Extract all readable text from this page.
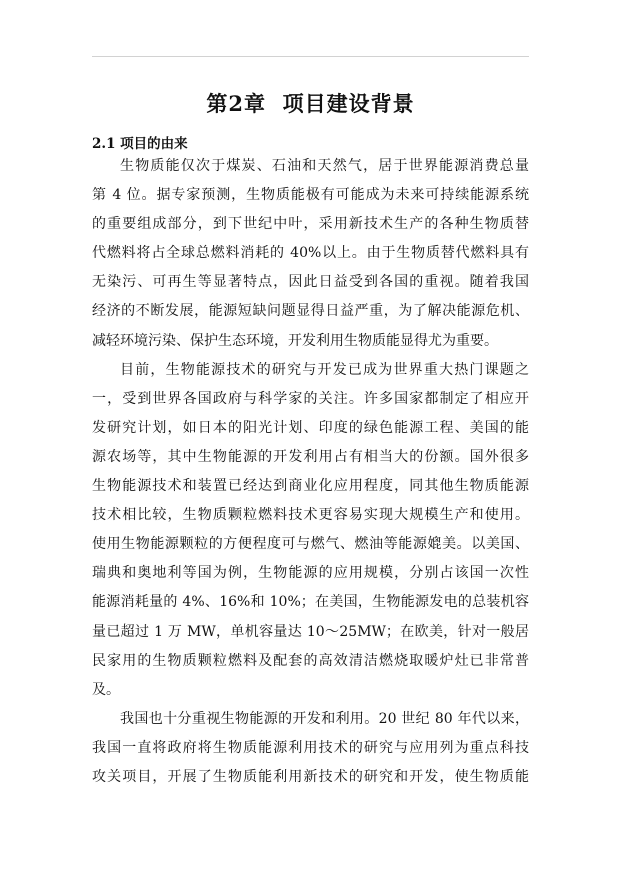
第2章  项目建设背景
2.1 项目的由来
生物质能仅次于煤炭、石油和天然气，居于世界能源消费总量
第 4 位。据专家预测，生物质能极有可能成为未来可持续能源系统
的重要组成部分，到下世纪中叶，采用新技术生产的各种生物质替
代燃料将占全球总燃料消耗的 40%以上。由于生物质替代燃料具有
无染污、可再生等显著特点，因此日益受到各国的重视。随着我国
经济的不断发展，能源短缺问题显得日益严重，为了解决能源危机、
减轻环境污染、保护生态环境，开发利用生物质能显得尤为重要。
目前，生物能源技术的研究与开发已成为世界重大热门课题之
一，受到世界各国政府与科学家的关注。许多国家都制定了相应开
发研究计划，如日本的阳光计划、印度的绿色能源工程、美国的能
源农场等，其中生物能源的开发利用占有相当大的份额。国外很多
生物能源技术和装置已经达到商业化应用程度，同其他生物质能源
技术相比较，生物质颗粒燃料技术更容易实现大规模生产和使用。
使用生物能源颗粒的方便程度可与燃气、燃油等能源媲美。以美国、
瑞典和奥地利等国为例，生物能源的应用规模，分别占该国一次性
能源消耗量的 4%、16%和 10%；在美国，生物能源发电的总装机容
量已超过 1 万 MW，单机容量达 10～25MW；在欧美，针对一般居
民家用的生物质颗粒燃料及配套的高效清洁燃烧取暖炉灶已非常普
及。
我国也十分重视生物能源的开发和利用。20 世纪 80 年代以来，
我国一直将政府将生物质能源利用技术的研究与应用列为重点科技
攻关项目，开展了生物质能利用新技术的研究和开发，使生物质能
